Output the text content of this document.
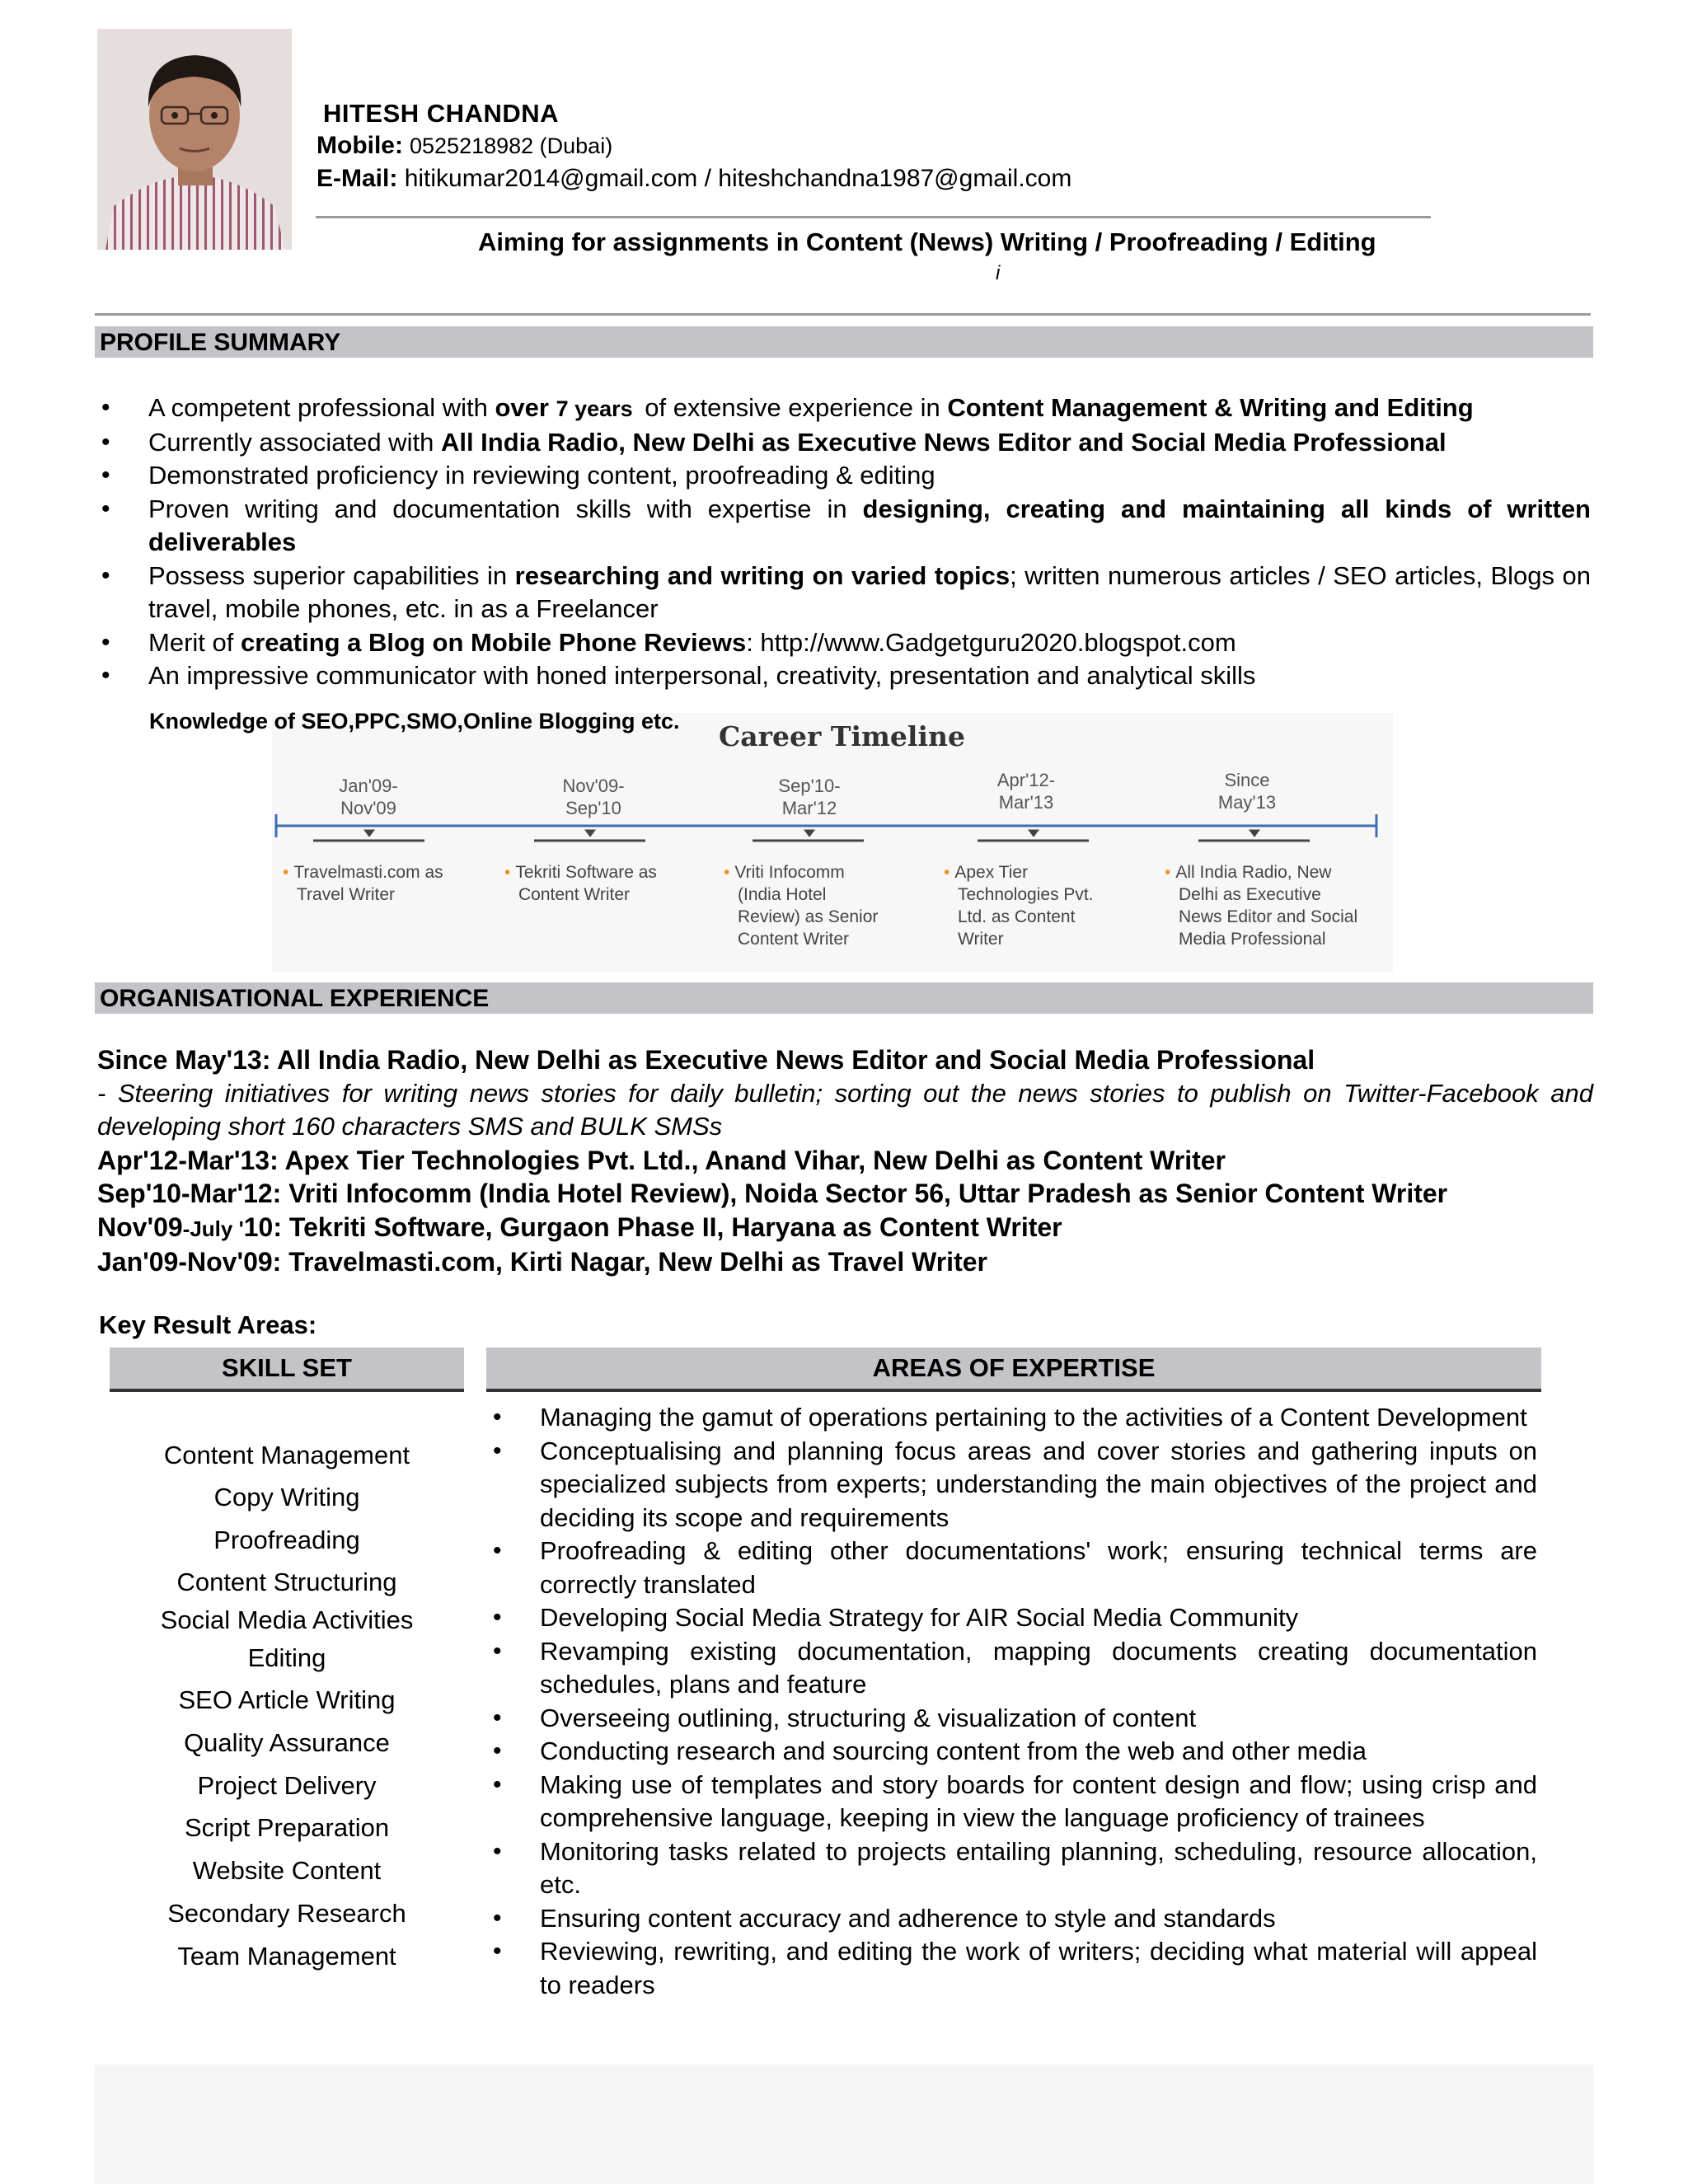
HITESH CHANDNA
Mobile: 0525218982 (Dubai)
E-Mail: hitikumar2014@gmail.com / hiteshchandna1987@gmail.com
Aiming for assignments in Content (News) Writing / Proofreading / Editing
i
PROFILE SUMMARY
• A competent professional with over 7 years of extensive experience in Content Management & Writing and Editing
• Currently associated with All India Radio, New Delhi as Executive News Editor and Social Media Professional
• Demonstrated proficiency in reviewing content, proofreading & editing
• Proven writing and documentation skills with expertise in designing, creating and maintaining all kinds of written deliverables
• Possess superior capabilities in researching and writing on varied topics; written numerous articles / SEO articles, Blogs on travel, mobile phones, etc. in as a Freelancer
• Merit of creating a Blog on Mobile Phone Reviews: http://www.Gadgetguru2020.blogspot.com
• An impressive communicator with honed interpersonal, creativity, presentation and analytical skills
Knowledge of SEO,PPC,SMO,Online Blogging etc. Career Timeline
Jan'09-
Nov'09
Nov'09-
Sep'10
Sep'10-
Mar'12
Apr'12-
Mar'13
Since
May'13
• Travelmasti.com as
Travel Writer
• Tekriti Software as
Content Writer
• Vriti Infocomm
(India Hotel
Review) as Senior
Content Writer
• Apex Tier
Technologies Pvt.
Ltd. as Content
Writer
• All India Radio, New
Delhi as Executive
News Editor and Social
Media Professional
ORGANISATIONAL EXPERIENCE
Since May'13: All India Radio, New Delhi as Executive News Editor and Social Media Professional
- Steering initiatives for writing news stories for daily bulletin; sorting out the news stories to publish on Twitter-Facebook and developing short 160 characters SMS and BULK SMSs
Apr'12-Mar'13: Apex Tier Technologies Pvt. Ltd., Anand Vihar, New Delhi as Content Writer
Sep'10-Mar'12: Vriti Infocomm (India Hotel Review), Noida Sector 56, Uttar Pradesh as Senior Content Writer
Nov'09-July '10: Tekriti Software, Gurgaon Phase II, Haryana as Content Writer
Jan'09-Nov'09: Travelmasti.com, Kirti Nagar, New Delhi as Travel Writer
Key Result Areas:
SKILL SET	AREAS OF EXPERTISE
Content Management
Copy Writing
Proofreading
Content Structuring
Social Media Activities
Editing
SEO Article Writing
Quality Assurance
Project Delivery
Script Preparation
Website Content
Secondary Research
Team Management
• Managing the gamut of operations pertaining to the activities of a Content Development
• Conceptualising and planning focus areas and cover stories and gathering inputs on specialized subjects from experts; understanding the main objectives of the project and deciding its scope and requirements
• Proofreading & editing other documentations' work; ensuring technical terms are correctly translated
• Developing Social Media Strategy for AIR Social Media Community
• Revamping existing documentation, mapping documents creating documentation schedules, plans and feature
• Overseeing outlining, structuring & visualization of content
• Conducting research and sourcing content from the web and other media
• Making use of templates and story boards for content design and flow; using crisp and comprehensive language, keeping in view the language proficiency of trainees
• Monitoring tasks related to projects entailing planning, scheduling, resource allocation, etc.
• Ensuring content accuracy and adherence to style and standards
• Reviewing, rewriting, and editing the work of writers; deciding what material will appeal to readers
